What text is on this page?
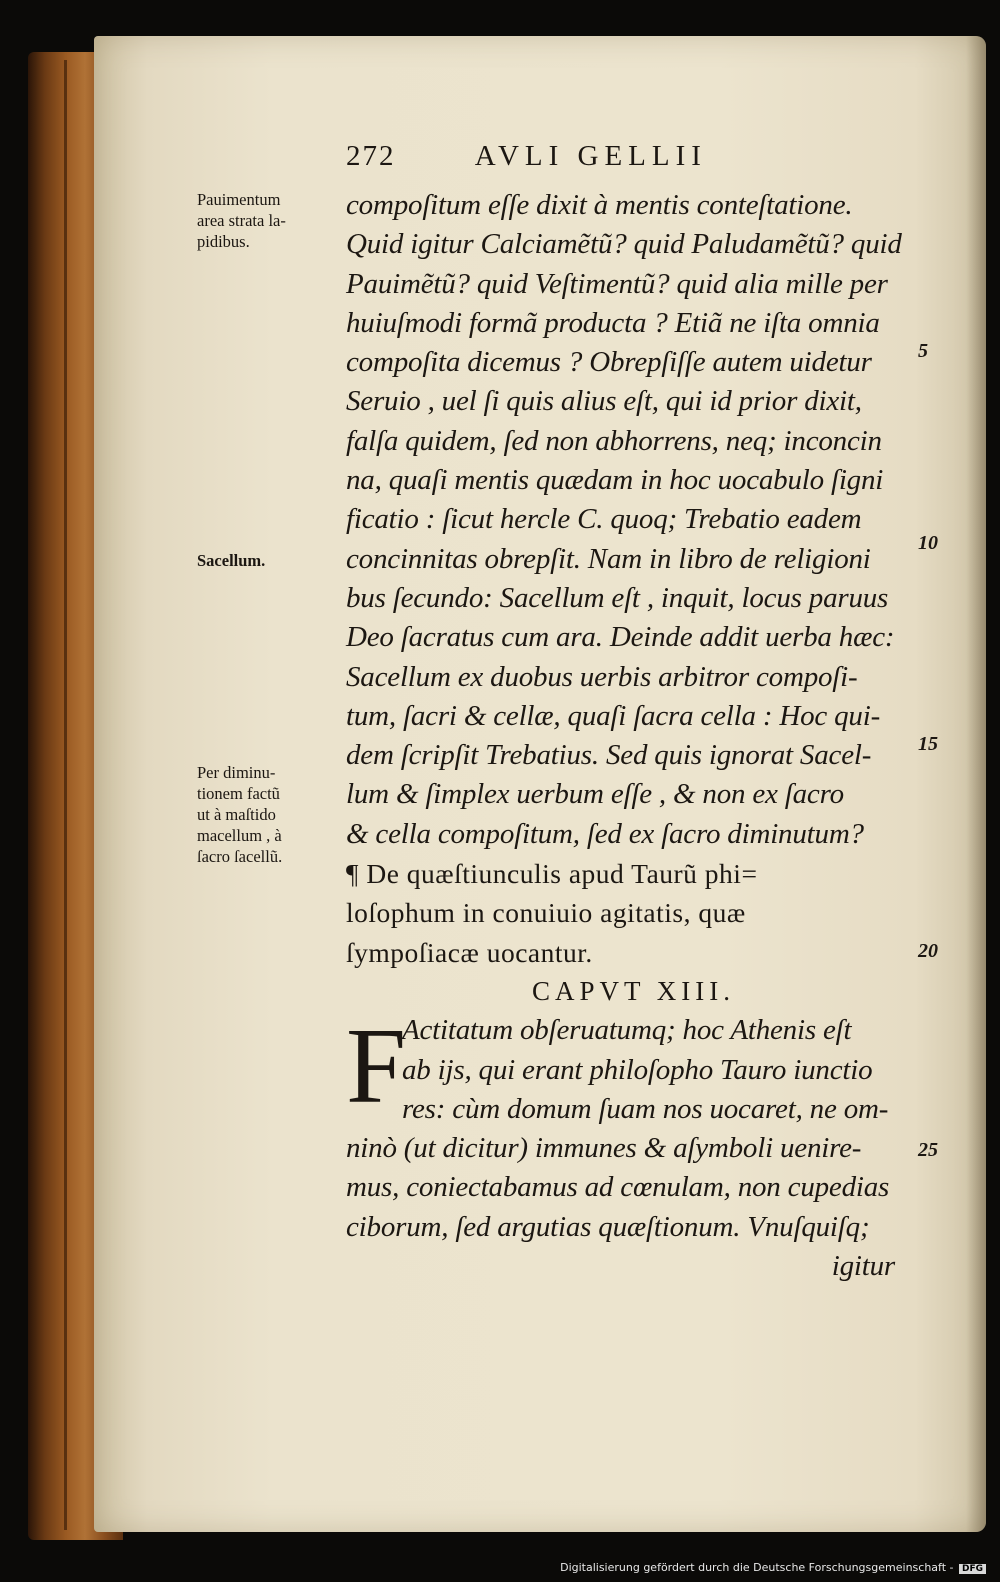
272	AVLI GELLII
Pauimentum
area strata la-
pidibus.
Sacellum.
Per diminu-
tionem factũ
ut à maſtido
macellum , à
ſacro ſacellũ.
5
10
15
20
25
compoſitum eſſe dixit à mentis conteſtatione.
Quid igitur Calciamẽtũ? quid Paludamẽtũ? quid
Pauimẽtũ? quid Veſtimentũ? quid alia mille per
huiuſmodi formã producta ? Etiã ne iſta omnia
compoſita dicemus ? Obrepſiſſe autem uidetur
Seruio , uel ſi quis alius eſt, qui id prior dixit,
falſa quidem, ſed non abhorrens, neq; inconcin
na, quaſi mentis quædam in hoc uocabulo ſigni
ficatio : ſicut hercle C. quoq; Trebatio eadem
concinnitas obrepſit. Nam in libro de religioni
bus ſecundo: Sacellum eſt , inquit, locus paruus
Deo ſacratus cum ara. Deinde addit uerba hæc:
Sacellum ex duobus uerbis arbitror compoſi-
tum, ſacri & cellæ, quaſi ſacra cella : Hoc qui-
dem ſcripſit Trebatius. Sed quis ignorat Sacel-
lum & ſimplex uerbum eſſe , & non ex ſacro
& cella compoſitum, ſed ex ſacro diminutum?
¶ De quæſtiunculis apud Taurũ phi=
loſophum in conuiuio agitatis, quæ
ſympoſiacæ uocantur.
CAPVT XIII.
F
Actitatum obſeruatumq; hoc Athenis eſt
ab ijs, qui erant philoſopho Tauro iunctio
res: cùm domum ſuam nos uocaret, ne om-
ninò (ut dicitur) immunes & aſymboli uenire-
mus, coniectabamus ad cœnulam, non cupedias
ciborum, ſed argutias quæſtionum. Vnuſquiſq;
igitur
Digitalisierung gefördert durch die Deutsche Forschungsgemeinschaft - DFG
